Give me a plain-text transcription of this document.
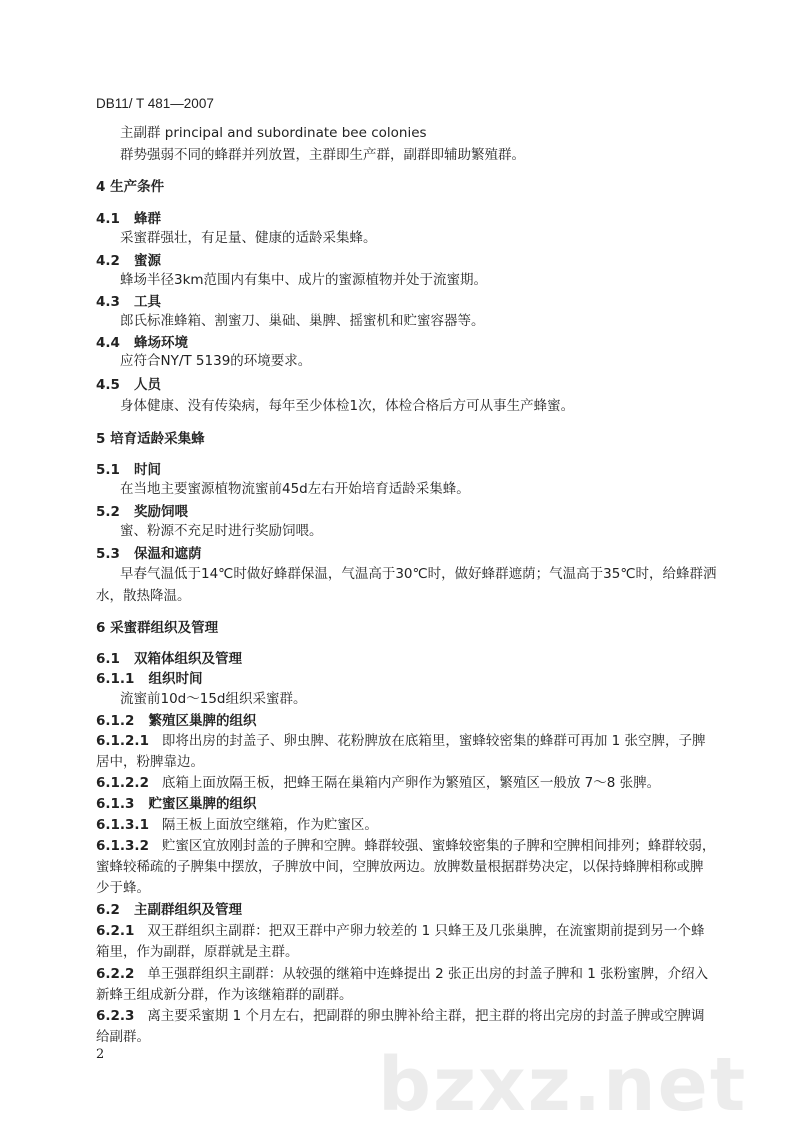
DB11/ T 481—2007
主副群 principal and subordinate bee colonies
群势强弱不同的蜂群并列放置，主群即生产群，副群即辅助繁殖群。
4 生产条件
4.1 蜂群
采蜜群强壮，有足量、健康的适龄采集蜂。
4.2 蜜源
蜂场半径3km范围内有集中、成片的蜜源植物并处于流蜜期。
4.3 工具
郎氏标准蜂箱、割蜜刀、巢础、巢脾、摇蜜机和贮蜜容器等。
4.4 蜂场环境
应符合NY/T 5139的环境要求。
4.5 人员
身体健康、没有传染病，每年至少体检1次，体检合格后方可从事生产蜂蜜。
5 培育适龄采集蜂
5.1 时间
在当地主要蜜源植物流蜜前45d左右开始培育适龄采集蜂。
5.2 奖励饲喂
蜜、粉源不充足时进行奖励饲喂。
5.3 保温和遮荫
早春气温低于14℃时做好蜂群保温，气温高于30℃时，做好蜂群遮荫；气温高于35℃时，给蜂群洒
水，散热降温。
6 采蜜群组织及管理
6.1 双箱体组织及管理
6.1.1 组织时间
流蜜前10d～15d组织采蜜群。
6.1.2 繁殖区巢脾的组织
6.1.2.1 即将出房的封盖子、卵虫脾、花粉脾放在底箱里，蜜蜂较密集的蜂群可再加 1 张空脾，子脾
居中，粉脾靠边。
6.1.2.2 底箱上面放隔王板，把蜂王隔在巢箱内产卵作为繁殖区，繁殖区一般放 7～8 张脾。
6.1.3 贮蜜区巢脾的组织
6.1.3.1 隔王板上面放空继箱，作为贮蜜区。
6.1.3.2 贮蜜区宜放刚封盖的子脾和空脾。蜂群较强、蜜蜂较密集的子脾和空脾相间排列；蜂群较弱，
蜜蜂较稀疏的子脾集中摆放，子脾放中间，空脾放两边。放脾数量根据群势决定，以保持蜂脾相称或脾
少于蜂。
6.2 主副群组织及管理
6.2.1 双王群组织主副群：把双王群中产卵力较差的 1 只蜂王及几张巢脾，在流蜜期前提到另一个蜂
箱里，作为副群，原群就是主群。
6.2.2 单王强群组织主副群：从较强的继箱中连蜂提出 2 张正出房的封盖子脾和 1 张粉蜜脾，介绍入
新蜂王组成新分群，作为该继箱群的副群。
6.2.3 离主要采蜜期 1 个月左右，把副群的卵虫脾补给主群，把主群的将出完房的封盖子脾或空脾调
给副群。
bzxz.net
2
